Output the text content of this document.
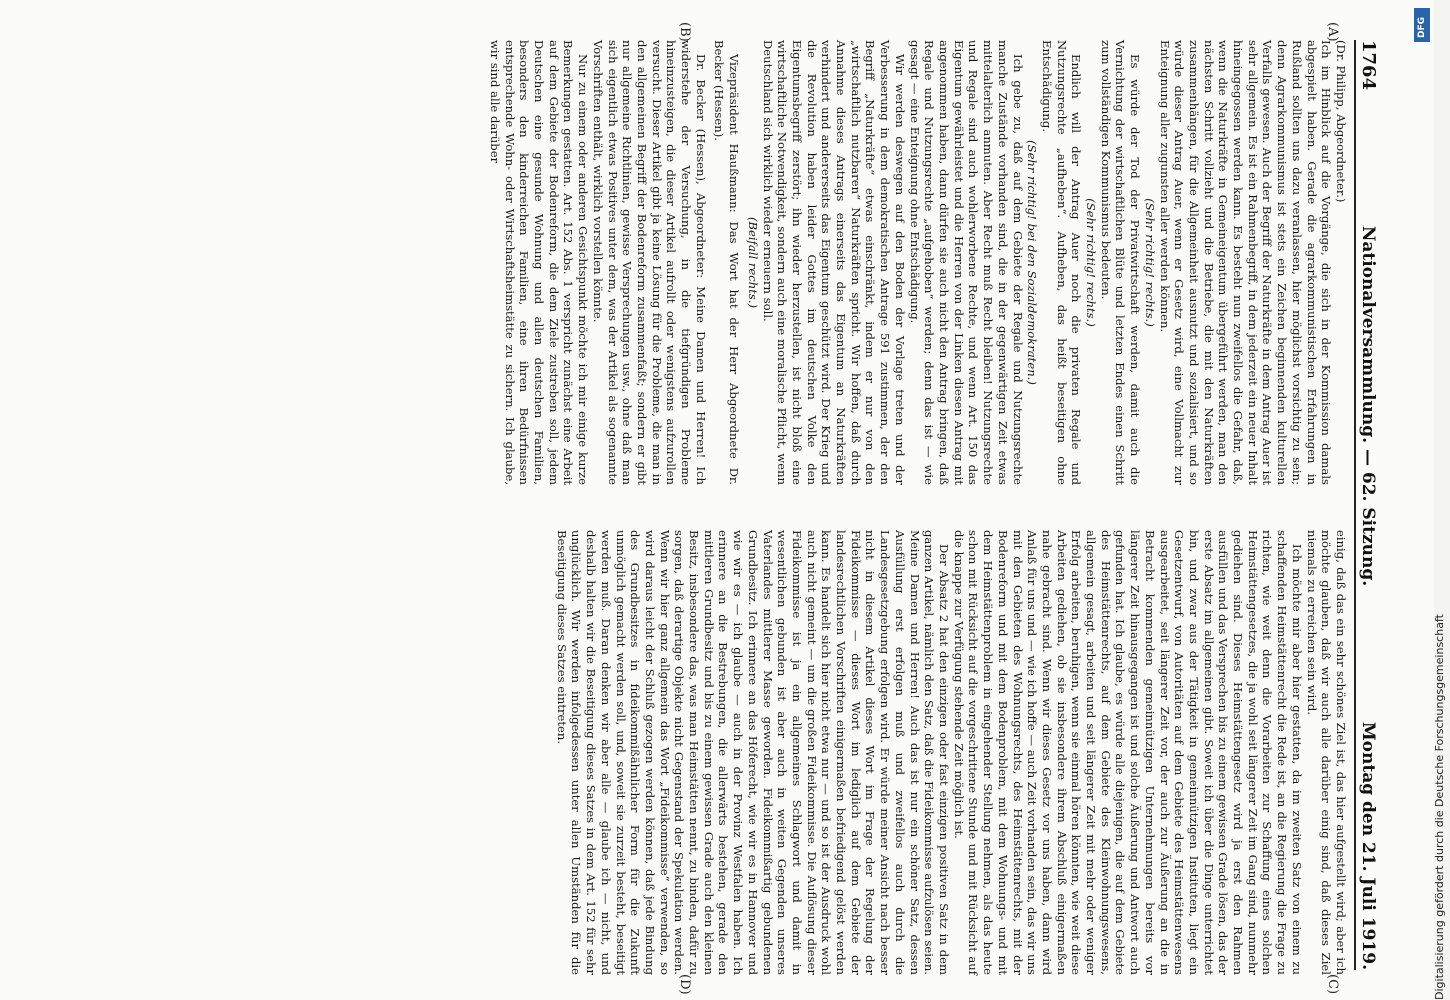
1764
Nationalversammlung. — 62. Sitzung.
Montag den 21. Juli 1919.
(A)
(B)
(C)
(D)

(Dr. Philipp, Abgeordneter.)

Ich im Hinblick auf die Vorgänge, die sich in der Kommission damals abgespielt haben. Gerade die agrarkommunistischen Erfahrungen in Rußland sollten uns dazu veranlassen, hier möglichst vorsichtig zu sein; denn Agrarkommunismus ist stets ein Zeichen beginnenden kulturellen Verfalls gewesen. Auch der Begriff der Naturkräfte in dem Antrag Auer ist sehr allgemein. Es ist ein Rahmenbegriff, in dem jederzeit ein neuer Inhalt hineingegossen werden kann. Es besteht nun zweifellos die Gefahr, daß, wenn die Naturkräfte in Gemeineigentum übergeführt werden, man den nächsten Schritt vollzieht und die Betriebe, die mit den Naturkräften zusammenhängen, für die Allgemeinheit ausnutzt und sozialisiert, und so würde dieser Antrag Auer, wenn er Gesetz wird, eine Vollmacht zur Enteignung aller zugunsten aller werden können.

(Sehr richtig! rechts.)

Es würde der Tod der Privatwirtschaft werden, damit auch die Vernichtung der wirtschaftlichen Blüte und letzten Endes einen Schritt zum vollständigen Kommunismus bedeuten.

(Sehr richtig! rechts.)

Endlich will der Antrag Auer noch die privaten Regale und Nutzungsrechte „aufheben“. Aufheben, das heißt beseitigen ohne Entschädigung.

(Sehr richtig! bei den Sozialdemokraten.)

Ich gebe zu, daß auf dem Gebiete der Regale und Nutzungsrechte manche Zustände vorhanden sind, die in der gegenwärtigen Zeit etwas mittelalterlich anmuten. Aber Recht muß Recht bleiben! Nutzungsrechte und Regale sind auch wohlerworbene Rechte, und wenn Art. 150 das Eigentum gewährleistet und die Herren von der Linken diesen Antrag mit angenommen haben, dann dürfen sie auch nicht den Antrag bringen, daß Regale und Nutzungsrechte „aufgehoben“ werden; denn das ist — wie gesagt — eine Enteignung ohne Entschädigung.

Wir werden deswegen auf den Boden der Vorlage treten und der Verbesserung in dem demokratischen Antrage 591 zustimmen, der den Begriff „Naturkräfte“ etwas einschränkt, indem er nur von den „wirtschaftlich nutzbaren“ Naturkräften spricht. Wir hoffen, daß durch Annahme dieses Antrags einerseits das Eigentum an Naturkräften verhindert und andererseits das Eigentum geschützt wird. Der Krieg und die Revolution haben leider Gottes im deutschen Volke den Eigentumsbegriff zerstört; ihn wieder herzustellen, ist nicht bloß eine wirtschaftliche Notwendigkeit, sondern auch eine moralische Pflicht, wenn Deutschland sich wirklich wieder erneuern soll.

(Beifall rechts.)

Vizepräsident Haußmann: Das Wort hat der Herr Abgeordnete Dr. Becker (Hessen).

Dr. Becker (Hessen), Abgeordneter: Meine Damen und Herren! Ich widerstehe der Versuchung, in die tiefgründigen Probleme hineinzusteigen, die dieser Artikel aufrollt oder wenigstens aufzurollen versucht. Dieser Artikel gibt ja keine Lösung für die Probleme, die man in den allgemeinen Begriff der Bodenreform zusammenfaßt; sondern er gibt nur allgemeine Richtlinien, gewisse Versprechungen usw., ohne daß man sich eigentlich etwas Positives unter dem, was der Artikel als sogenannte Vorschriften enthält, wirklich vorstellen könnte.

Nur zu einem oder anderen Gesichtspunkt möchte ich mir einige kurze Bemerkungen gestatten. Art. 152 Abs. 1 verspricht zunächst eine Arbeit auf dem Gebiete der Bodenreform, die dem Ziele zustreben soll, jedem Deutschen eine gesunde Wohnung und allen deutschen Familien, besonders den kinderreichen Familien, eine ihren Bedürfnissen entsprechende Wohn- oder Wirtschaftsheimstätte zu sichern. Ich glaube, wir sind alle darüber

einig, daß das ein sehr schönes Ziel ist, das hier aufgestellt wird; aber ich möchte glauben, daß wir auch alle darüber einig sind, daß dieses Ziel niemals zu erreichen sein wird.

Ich möchte mir aber hier gestatten, da im zweiten Satz von einem zu schaffenden Heimstättenrecht die Rede ist, an die Regierung die Frage zu richten, wie weit denn die Vorarbeiten zur Schaffung eines solchen Heimstättengesetzes, die ja wohl seit längerer Zeit im Gang sind, nunmehr gediehen sind. Dieses Heimstättengesetz wird ja erst den Rahmen ausfüllen und das Versprechen bis zu einem gewissen Grade lösen, das der erste Absatz im allgemeinen gibt. Soweit ich über die Dinge unterrichtet bin, und zwar aus der Tätigkeit in gemeinnützigen Instituten, liegt ein Gesetzentwurf, von Autoritäten auf dem Gebiete des Heimstättenwesens ausgearbeitet, seit längerer Zeit vor, der auch zur Äußerung an die in Betracht kommenden gemeinnützigen Unternehmungen bereits vor längerer Zeit hinausgegangen ist und solche Äußerung und Antwort auch gefunden hat. Ich glaube, es würde alle diejenigen, die auf dem Gebiete des Heimstättenrechts, auf dem Gebiete des Kleinwohnungswesens, allgemein gesagt, arbeiten und seit längerer Zeit mit mehr oder weniger Erfolg arbeiten, beruhigen, wenn sie einmal hören könnten, wie weit diese Arbeiten gediehen, ob sie insbesondere ihrem Abschluß einigermaßen nahe gebracht sind. Wenn wir dieses Gesetz vor uns haben, dann wird Anlaß für uns und — wie ich hoffe — auch Zeit vorhanden sein, das wir uns mit den Gebieten des Wohnungsrechts, des Heimstättenrechts, mit der Bodenreform und mit dem Bodenproblem, mit dem Wohnungs- und mit dem Heimstättenproblem in eingehender Stellung nehmen, als das heute schon mit Rücksicht auf die vorgeschrittene Stunde und mit Rücksicht auf die knappe zur Verfügung stehende Zeit möglich ist.

Der Absatz 2 hat den einzigen oder fast einzigen positiven Satz in dem ganzen Artikel, nämlich den Satz, daß die Fideikommisse aufzulösen seien. Meine Damen und Herren! Auch das ist nur ein schöner Satz, dessen Ausfüllung erst erfolgen muß und zweifellos auch durch die Landesgesetzgebung erfolgen wird. Er würde meiner Ansicht nach besser nicht in diesem Artikel dieses Wort im Frage der Regelung der Fideikommisse — dieses Wort im lediglich auf dem Gebiete der landesrechtlichen Vorschriften einigermaßen befriedigend gelöst werden kann. Es handelt sich hier nicht etwa nur — und so ist der Ausdruck wohl auch nicht gemeint — um die großen Fideikommisse. Die Auflösung dieser Fideikommisse ist ja ein allgemeines Schlagwort und damit in wesentlichen gebunden ist aber auch in weiten Gegenden unseres Vaterlandes mittlerer Masse geworden. Fideikommißartig gebundenen Grundbesitz. Ich erinnere an das Höferecht, wie wir es in Hannover und wie wir es — ich glaube — auch in der Provinz Westfalen haben. Ich erinnere an die Bestrebungen, die allerwärts bestehen, gerade den mittleren Grundbesitz und bis zu einem gewissen Grade auch den kleinen Besitz, insbesondere das, was man Heimstätten nennt, zu binden, dafür zu sorgen, daß derartige Objekte nicht Gegenstand der Spekulation werden. Wenn wir hier ganz allgemein das Wort „Fideikommisse“ verwenden, so wird daraus leicht der Schluß gezogen werden können, daß jede Bindung des Grundbesitzes in fideikommißähnlicher Form für die Zukunft unmöglich gemacht werden soll, und, soweit sie zurzeit besteht, beseitigt werden muß. Daran denken wir aber alle — glaube ich — nicht, und deshalb halten wir die Beseitigung dieses Satzes in dem Art. 152 für sehr unglücklich. Wir werden infolgedessen unter allen Umständen für die Beseitigung dieses Satzes eintreten.	Digitalisierung gefördert durch die Deutsche Forschungsgemeinschaft
DFG
